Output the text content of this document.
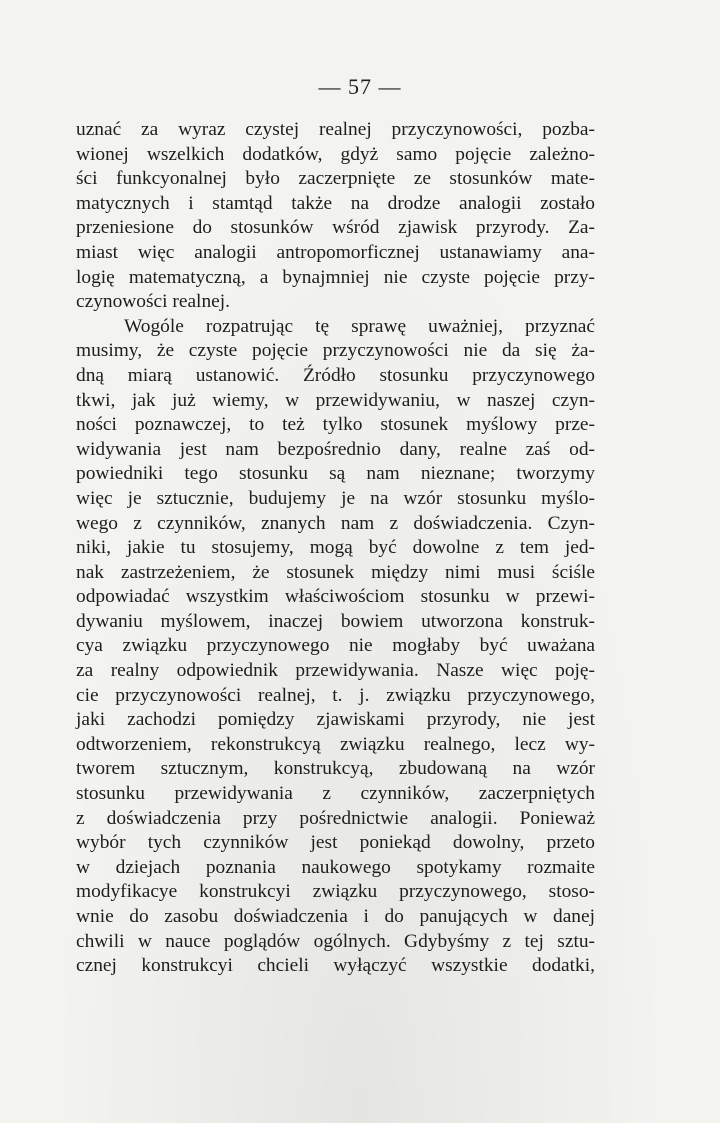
— 57 —
uznać za wyraz czystej realnej przyczynowości, pozba-
wionej wszelkich dodatków, gdyż samo pojęcie zależno-
ści funkcyonalnej było zaczerpnięte ze stosunków mate-
matycznych i stamtąd także na drodze analogii zostało
przeniesione do stosunków wśród zjawisk przyrody. Za-
miast więc analogii antropomorficznej ustanawiamy ana-
logię matematyczną, a bynajmniej nie czyste pojęcie przy-
czynowości realnej.
Wogóle rozpatrując tę sprawę uważniej, przyznać
musimy, że czyste pojęcie przyczynowości nie da się ża-
dną miarą ustanowić. Źródło stosunku przyczynowego
tkwi, jak już wiemy, w przewidywaniu, w naszej czyn-
ności poznawczej, to też tylko stosunek myślowy prze-
widywania jest nam bezpośrednio dany, realne zaś od-
powiedniki tego stosunku są nam nieznane; tworzymy
więc je sztucznie, budujemy je na wzór stosunku myślo-
wego z czynników, znanych nam z doświadczenia. Czyn-
niki, jakie tu stosujemy, mogą być dowolne z tem jed-
nak zastrzeżeniem, że stosunek między nimi musi ściśle
odpowiadać wszystkim właściwościom stosunku w przewi-
dywaniu myślowem, inaczej bowiem utworzona konstruk-
cya związku przyczynowego nie mogłaby być uważana
za realny odpowiednik przewidywania. Nasze więc poję-
cie przyczynowości realnej, t. j. związku przyczynowego,
jaki zachodzi pomiędzy zjawiskami przyrody, nie jest
odtworzeniem, rekonstrukcyą związku realnego, lecz wy-
tworem sztucznym, konstrukcyą, zbudowaną na wzór
stosunku przewidywania z czynników, zaczerpniętych
z doświadczenia przy pośrednictwie analogii. Ponieważ
wybór tych czynników jest poniekąd dowolny, przeto
w dziejach poznania naukowego spotykamy rozmaite
modyfikacye konstrukcyi związku przyczynowego, stoso-
wnie do zasobu doświadczenia i do panujących w danej
chwili w nauce poglądów ogólnych. Gdybyśmy z tej sztu-
cznej konstrukcyi chcieli wyłączyć wszystkie dodatki,
